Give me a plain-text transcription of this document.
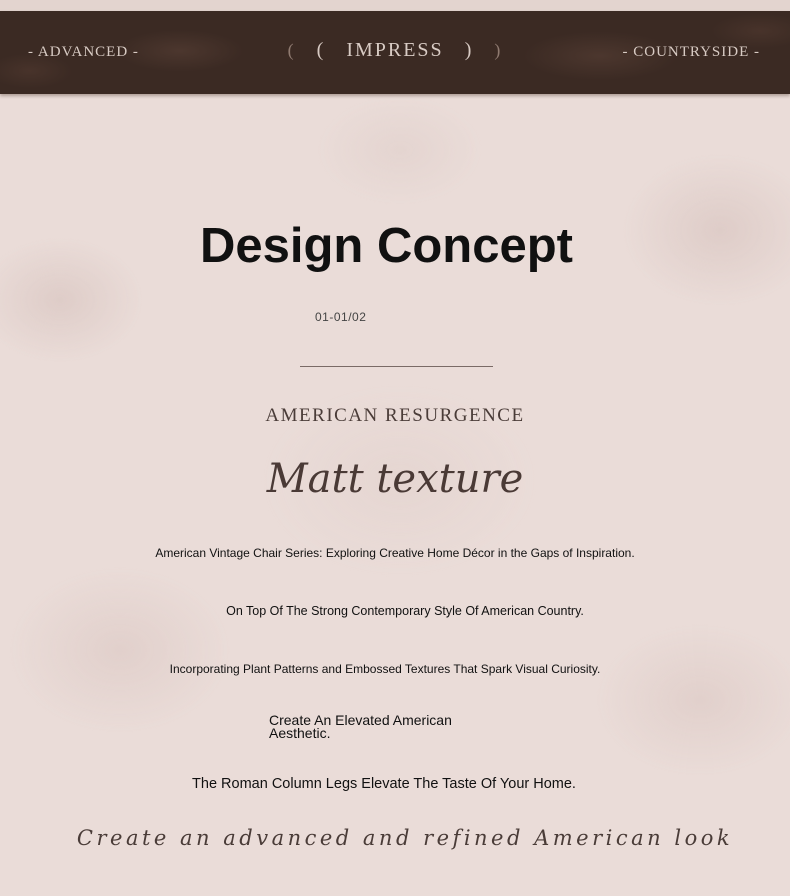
- ADVANCED -	( ( IMPRESS ) )	- COUNTRYSIDE -
Design Concept
01-01/02
AMERICAN RESURGENCE
Matt texture
American Vintage Chair Series: Exploring Creative Home Décor in the Gaps of Inspiration.
On Top Of The Strong Contemporary Style Of American Country.
Incorporating Plant Patterns and Embossed Textures That Spark Visual Curiosity.
Create An Elevated American Aesthetic.
The Roman Column Legs Elevate The Taste Of Your Home.
Create an advanced and refined American look
